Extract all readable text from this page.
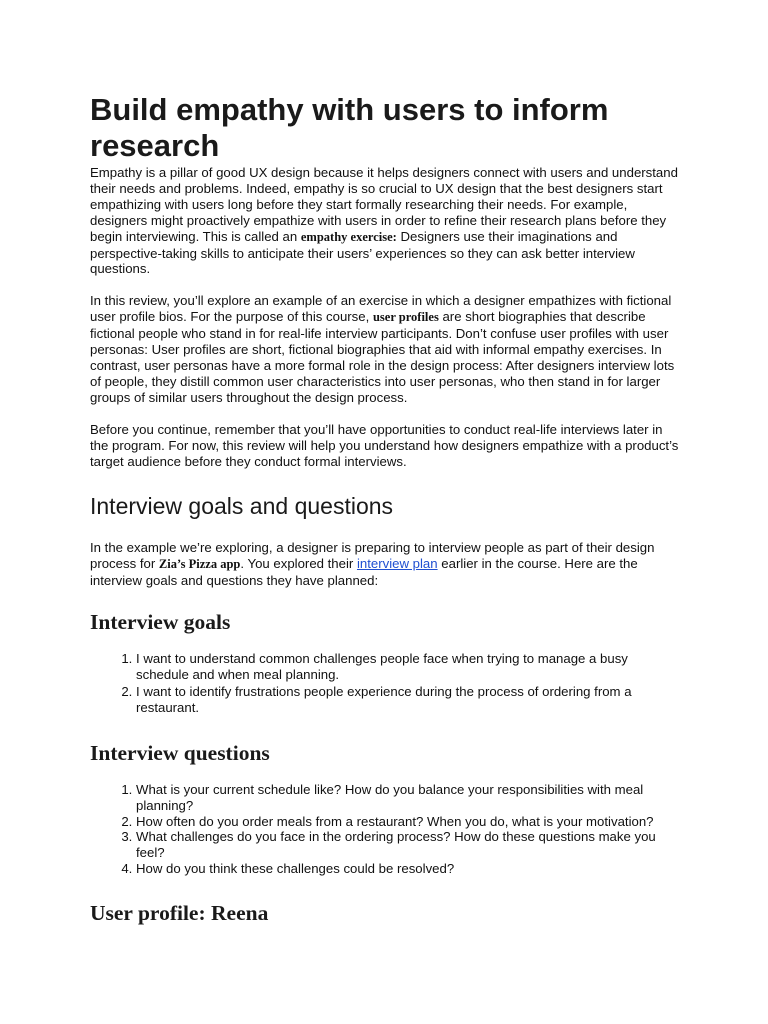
Build empathy with users to inform research

Empathy is a pillar of good UX design because it helps designers connect with users and understand their needs and problems. Indeed, empathy is so crucial to UX design that the best designers start empathizing with users long before they start formally researching their needs. For example, designers might proactively empathize with users in order to refine their research plans before they begin interviewing. This is called an empathy exercise: Designers use their imaginations and perspective-taking skills to anticipate their users’ experiences so they can ask better interview questions.

In this review, you’ll explore an example of an exercise in which a designer empathizes with fictional user profile bios. For the purpose of this course, user profiles are short biographies that describe fictional people who stand in for real-life interview participants. Don’t confuse user profiles with user personas: User profiles are short, fictional biographies that aid with informal empathy exercises. In contrast, user personas have a more formal role in the design process: After designers interview lots of people, they distill common user characteristics into user personas, who then stand in for larger groups of similar users throughout the design process.

Before you continue, remember that you’ll have opportunities to conduct real-life interviews later in the program. For now, this review will help you understand how designers empathize with a product’s target audience before they conduct formal interviews.

Interview goals and questions

In the example we’re exploring, a designer is preparing to interview people as part of their design process for Zia’s Pizza app. You explored their interview plan earlier in the course. Here are the interview goals and questions they have planned:

Interview goals
1. I want to understand common challenges people face when trying to manage a busy schedule and when meal planning.
2. I want to identify frustrations people experience during the process of ordering from a restaurant.
Interview questions
1. What is your current schedule like? How do you balance your responsibilities with meal planning?
2. How often do you order meals from a restaurant? When you do, what is your motivation?
3. What challenges do you face in the ordering process? How do these questions make you feel?
4. How do you think these challenges could be resolved?
User profile: Reena
